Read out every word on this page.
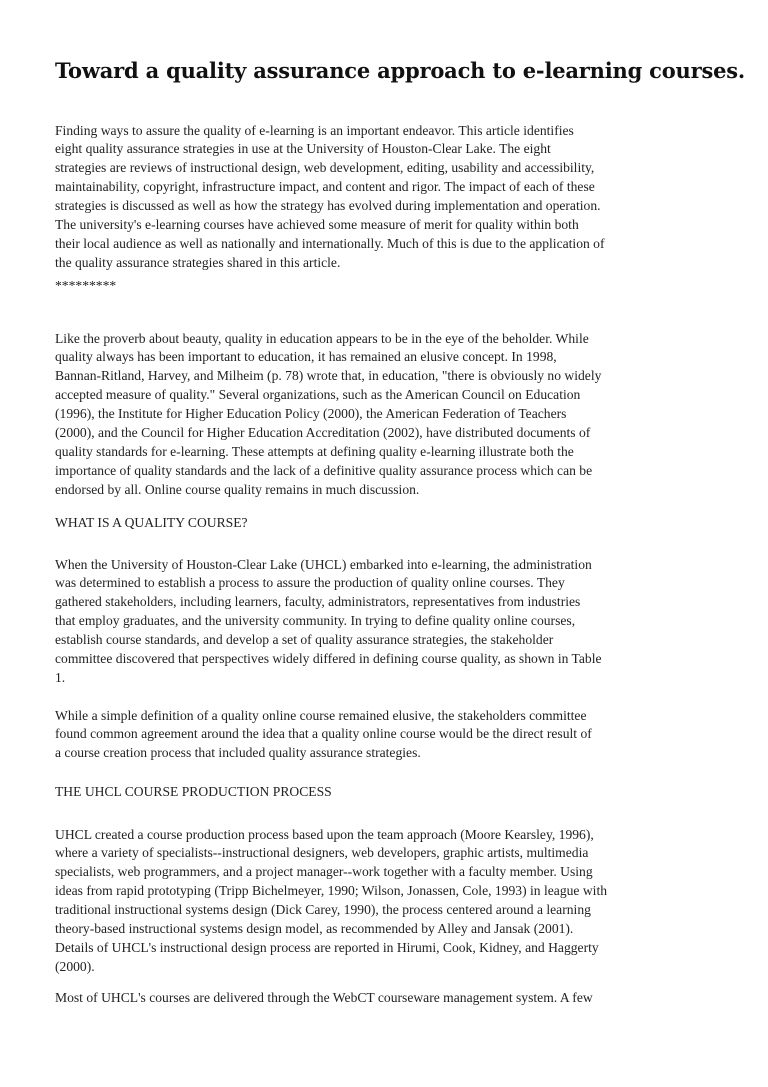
Toward a quality assurance approach to e-learning courses.
Finding ways to assure the quality of e-learning is an important endeavor. This article identifies
eight quality assurance strategies in use at the University of Houston-Clear Lake. The eight
strategies are reviews of instructional design, web development, editing, usability and accessibility,
maintainability, copyright, infrastructure impact, and content and rigor. The impact of each of these
strategies is discussed as well as how the strategy has evolved during implementation and operation.
The university's e-learning courses have achieved some measure of merit for quality within both
their local audience as well as nationally and internationally. Much of this is due to the application of
the quality assurance strategies shared in this article.
*********
Like the proverb about beauty, quality in education appears to be in the eye of the beholder. While
quality always has been important to education, it has remained an elusive concept. In 1998,
Bannan-Ritland, Harvey, and Milheim (p. 78) wrote that, in education, "there is obviously no widely
accepted measure of quality." Several organizations, such as the American Council on Education
(1996), the Institute for Higher Education Policy (2000), the American Federation of Teachers
(2000), and the Council for Higher Education Accreditation (2002), have distributed documents of
quality standards for e-learning. These attempts at defining quality e-learning illustrate both the
importance of quality standards and the lack of a definitive quality assurance process which can be
endorsed by all. Online course quality remains in much discussion.
WHAT IS A QUALITY COURSE?
When the University of Houston-Clear Lake (UHCL) embarked into e-learning, the administration
was determined to establish a process to assure the production of quality online courses. They
gathered stakeholders, including learners, faculty, administrators, representatives from industries
that employ graduates, and the university community. In trying to define quality online courses,
establish course standards, and develop a set of quality assurance strategies, the stakeholder
committee discovered that perspectives widely differed in defining course quality, as shown in Table
1.
While a simple definition of a quality online course remained elusive, the stakeholders committee
found common agreement around the idea that a quality online course would be the direct result of
a course creation process that included quality assurance strategies.
THE UHCL COURSE PRODUCTION PROCESS
UHCL created a course production process based upon the team approach (Moore Kearsley, 1996),
where a variety of specialists--instructional designers, web developers, graphic artists, multimedia
specialists, web programmers, and a project manager--work together with a faculty member. Using
ideas from rapid prototyping (Tripp Bichelmeyer, 1990; Wilson, Jonassen, Cole, 1993) in league with
traditional instructional systems design (Dick Carey, 1990), the process centered around a learning
theory-based instructional systems design model, as recommended by Alley and Jansak (2001).
Details of UHCL's instructional design process are reported in Hirumi, Cook, Kidney, and Haggerty
(2000).
Most of UHCL's courses are delivered through the WebCT courseware management system. A few
